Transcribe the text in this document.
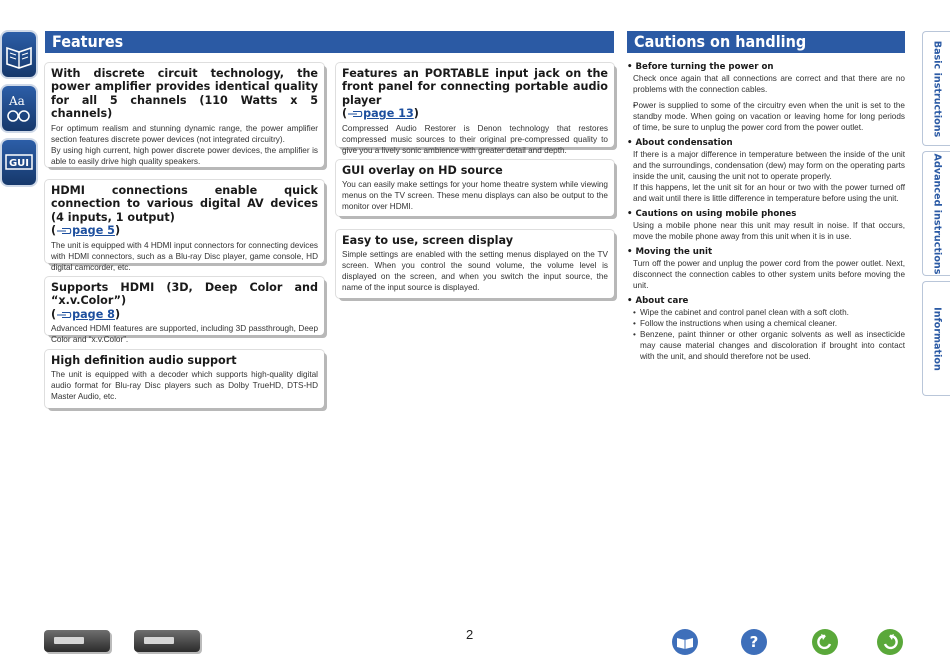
Aa
GUI
Features
With discrete circuit technology, the power amplifier provides identical quality for all 5 channels (110 Watts x 5 channels)

For optimum realism and stunning dynamic range, the power amplifier section features discrete power devices (not integrated circuitry).
By using high current, high power discrete power devices, the amplifier is able to easily drive high quality speakers.

HDMI connections enable quick connection to various digital AV devices (4 inputs, 1 output)
( page 5)

The unit is equipped with 4 HDMI input connectors for connecting devices with HDMI connectors, such as a Blu-ray Disc player, game console, HD digital camcorder, etc.

Supports HDMI (3D, Deep Color and “x.v.Color”)
( page 8)

Advanced HDMI features are supported, including 3D passthrough, Deep Color and “x.v.Color”.

High definition audio support

The unit is equipped with a decoder which supports high-quality digital audio format for Blu-ray Disc players such as Dolby TrueHD, DTS-HD Master Audio, etc.

Features an PORTABLE input jack on the front panel for connecting portable audio player
( page 13)

Compressed Audio Restorer is Denon technology that restores compressed music sources to their original pre-compressed quality to give you a lively sonic ambience with greater detail and depth.

GUI overlay on HD source

You can easily make settings for your home theatre system while viewing menus on the TV screen. These menu displays can also be output to the monitor over HDMI.

Easy to use, screen display

Simple settings are enabled with the setting menus displayed on the TV screen. When you control the sound volume, the volume level is displayed on the screen, and when you switch the input source, the name of the input source is displayed.

Cautions on handling
• Before turning the power on
Check once again that all connections are correct and that there are no problems with the connection cables.
• Power is supplied to some of the circuitry even when the unit is set to the standby mode. When going on vacation or leaving home for long periods of time, be sure to unplug the power cord from the power outlet.
• About condensation
If there is a major difference in temperature between the inside of the unit and the surroundings, condensation (dew) may form on the operating parts inside the unit, causing the unit not to operate properly.
If this happens, let the unit sit for an hour or two with the power turned off and wait until there is little difference in temperature before using the unit.
• Cautions on using mobile phones
Using a mobile phone near this unit may result in noise. If that occurs, move the mobile phone away from this unit when it is in use.
• Moving the unit
Turn off the power and unplug the power cord from the power outlet. Next, disconnect the connection cables to other system units before moving the unit.
• About care
• Wipe the cabinet and control panel clean with a soft cloth.
• Follow the instructions when using a chemical cleaner.
• Benzene, paint thinner or other organic solvents as well as insecticide may cause material changes and discoloration if brought into contact with the unit, and should therefore not be used.
Basic instructions
Advanced instructions
Information
2	?
